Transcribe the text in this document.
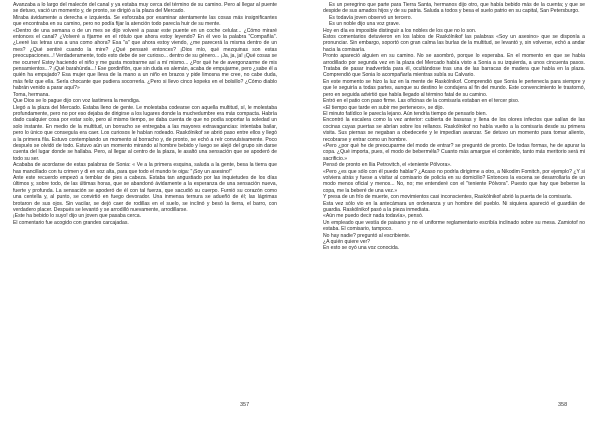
Avanzaba a lo largo del malecón del canal y ya estaba muy cerca del término de su camino. Pero al llegar al puente se detuvo, vació un momento y, de pronto, se dirigió a la plaza del Mercado.

Miraba ávidamente a derecha e izquierda. Se esforzaba por examinar atentamente las cosas más insignificantes que encontraba en su camino, pero no podía fijar la atención todo parecía huir de su mente.

«Dentro de una semana o de un mes se dijo volveré a pasar este puente en un coche celular... ¿Cómo miraré entonces el canal? ¿Volveré a fijarme en el rótulo que ahora estoy leyendo? En él veo la palabra "Compañía". ¿Leeré las letras una a una como ahora? Esa "a" que ahora estoy viendo, ¿me parecerá la misma dentro de un mes? ¿Qué sentiré cuando la mire? ¿Qué pensaré entonces? ¡Dios mío, qué mezquinas son estas preocupaciones...! Verdaderamente, todo esto debe de ser curioso... dentro de su género... ¡Ja, ja, ja! ¡Qué cosas se me ocurren! Estoy haciendo el niño y me gusta mostrarme así a mí mismo... ¿Por qué he de avergonzarme de mis pensamientos...? ¡Qué barahúnda...! Ese gordinflón, que sin duda es alemán, acaba de empujarme, pero ¿sabe él a quién ha empujado? Esa mujer que lleva de la mano a un niño en brazos y pide limosna me cree, no cabe duda, más feliz que ella. Sería chocante que pudiera socorrerla. ¿Pero si llevo cinco kopeks en el bolsillo? ¿Cómo diablo habrán venido a parar aquí?»

Toma, hermana.

Que Dios se lo pague dijo con voz lastimera la mendiga.

Llegó a la plaza del Mercado. Estaba lleno de gente. Le molestaba codearse con aquella multitud, sí, le molestaba profundamente, pero no por eso dejaba de dirigirse a los lugares donde la muchedumbre era más compacta. Habría dado cualquier cosa por estar solo, pero al mismo tiempo, se daba cuenta de que no podía soportar la soledad un solo instante. En medio de la multitud, un borracho se entregaba a las mayores extravagancias: intentaba bailar, pero lo único que conseguía era caer. Los curiosos le habían rodeado. Raskólnikof se abrió paso entre ellos y llegó a la primera fila. Estuvo contemplando un momento al borracho y, de pronto, se echó a reír convulsivamente. Poco después se olvidó de todo. Estuvo aún un momento mirando al hombre bebido y luego se alejó del grupo sin darse cuenta del lugar donde se hallaba. Pero, al llegar al centro de la plaza, le asaltó una sensación que se apoderó de todo su ser.

Acababa de acordarse de estas palabras de Sonia: « Ve a la primera esquina, saluda a la gente, besa la tierra que has mancillado con tu crimen y di en voz alta, para que todo el mundo te oiga: "¡Soy un asesino!"

Ante este recuerdo empezó a temblar de pies a cabeza. Estaba tan angustiado por las inquietudes de los días últimos y, sobre todo, de las últimas horas, que se abandonó ávidamente a la esperanza de una sensación nueva, fuerte y profunda. La sensación se apoderó de él con tal fuerza, que sacudió su cuerpo. Furnió su corazón como una centella y, al punto, se convirtió en fuego devorador. Una inmensa ternura se adueñó de él; las lágrimas brotaron de sus ojos. Sin vacilar, se dejó caer de rodillas en el suelo, se inclinó y besó la tierra, el barro, con verdadero placer. Después se levantó y se arrodilló nuevamente, arrodillarse.

¡Este ha bebido lo suyo! dijo un joven que pasaba cerca.

El comentario fue acogido con grandes carcajadas.

357

Es un peregrino que parte para Tierra Santa, hermanos dijo otro, que había bebido más de la cuenta; y que se despide de sus amados hijos y de su patria. Saluda a todos y besa el suelo patrio en su capital, San Petersburgo.

Es todavía joven observó un tercero.

Es un noble dijo una voz grave.

Hoy en día es imposible distinguir a los nobles de los que no lo son.

Estos comentarios detuvieron en los labios de Raskólnikof las palabras «Soy un asesino» que se disponía a pronunciar. Sin embargo, soportó con gran calma las burlas de la multitud, se levantó y, sin volverse, echó a andar hacia la comisaría.

Pronto apareció alguien en su camino. No se asombró, porque lo esperaba. En el momento en que se había arrodillado por segunda vez en la plaza del Mercado había visto a Sonia a su izquierda, a unos cincuenta pasos. Trataba de pasar inadvertida para él, ocultándose tras una de las barracas de madera que había en la plaza. Comprendió que Sonia lo acompañaría mientras subía su Calvario.

En este momento se hizo la luz en la mente de Raskólnikof. Comprendió que Sonia le pertenecía para siempre y que le seguiría a todas partes, aunque su destino le condujera al fin del mundo. Este convencimiento le trastornó, pero en seguida advirtió que había llegado al término fatal de su camino.

Entró en el patio con paso firme. Las oficinas de la comisaría estaban en el tercer piso.

«El tiempo que tarde en subir me pertenece», se dijo.

El minuto fatídico le parecía lejano. Aún tendría tiempo de pensarlo bien.

Encontró la escalera como la vez anterior: cubierta de basuras y llena de los olores infectos que salían de las cocinas cuyas puertas se abrían sobre los rellanos. Raskólnikof no había vuelto a la comisaría desde su primera visita. Sus piernas se negaban a obedecerle y le impedían avanzar. Se detuvo un momento para tomar aliento, recobrarse y entrar como un hombre.

«Pero ¿por qué he de preocuparme del modo de entrar? se preguntó de pronto. De todas formas, he de apurar la copa. ¿Qué importa, pues, el modo de beberméla? Cuanto más amargue el contenido, tanto más meritorio será mi sacrificio.»

Pensó de pronto en Ilia Petrovitch, el «teniente Pólvora».

«Pero ¿es que sólo con él puedo hablar? ¿Acaso no podría dirigirme a otro, a Nikodim Fomitch, por ejemplo? ¿Y si volviera atrás y fuese a visitar al comisario de policía en su domicilio? Entonces la escena se desarrollaría de un modo menos oficial y menos... No, no; me entenderé con el "teniente Pólvora". Puesto que hay que beberse la copa, me la beberé de una vez.»

Y presa de un frío de muerte, con movimientos casi inconscientes, Raskólnikof abrió la puerta de la comisaría.

Esta vez sólo vio en la antecámara un ordenanza y un hombre del pueblo. Ni siquiera apareció el guardián de guardia. Raskólnikof pasó a la pieza inmediata.

«Aún me puedo decir nada todavía», pensó.

Un empleado que vestía de paisano y no el uniforme reglamentario escribía inclinado sobre su mesa. Zamiotof no estaba. El comisario, tampoco.

No hay nadie? preguntó al escribiente.

¿A quién quiere ver?

En esto se oyó una voz conocida.

358
